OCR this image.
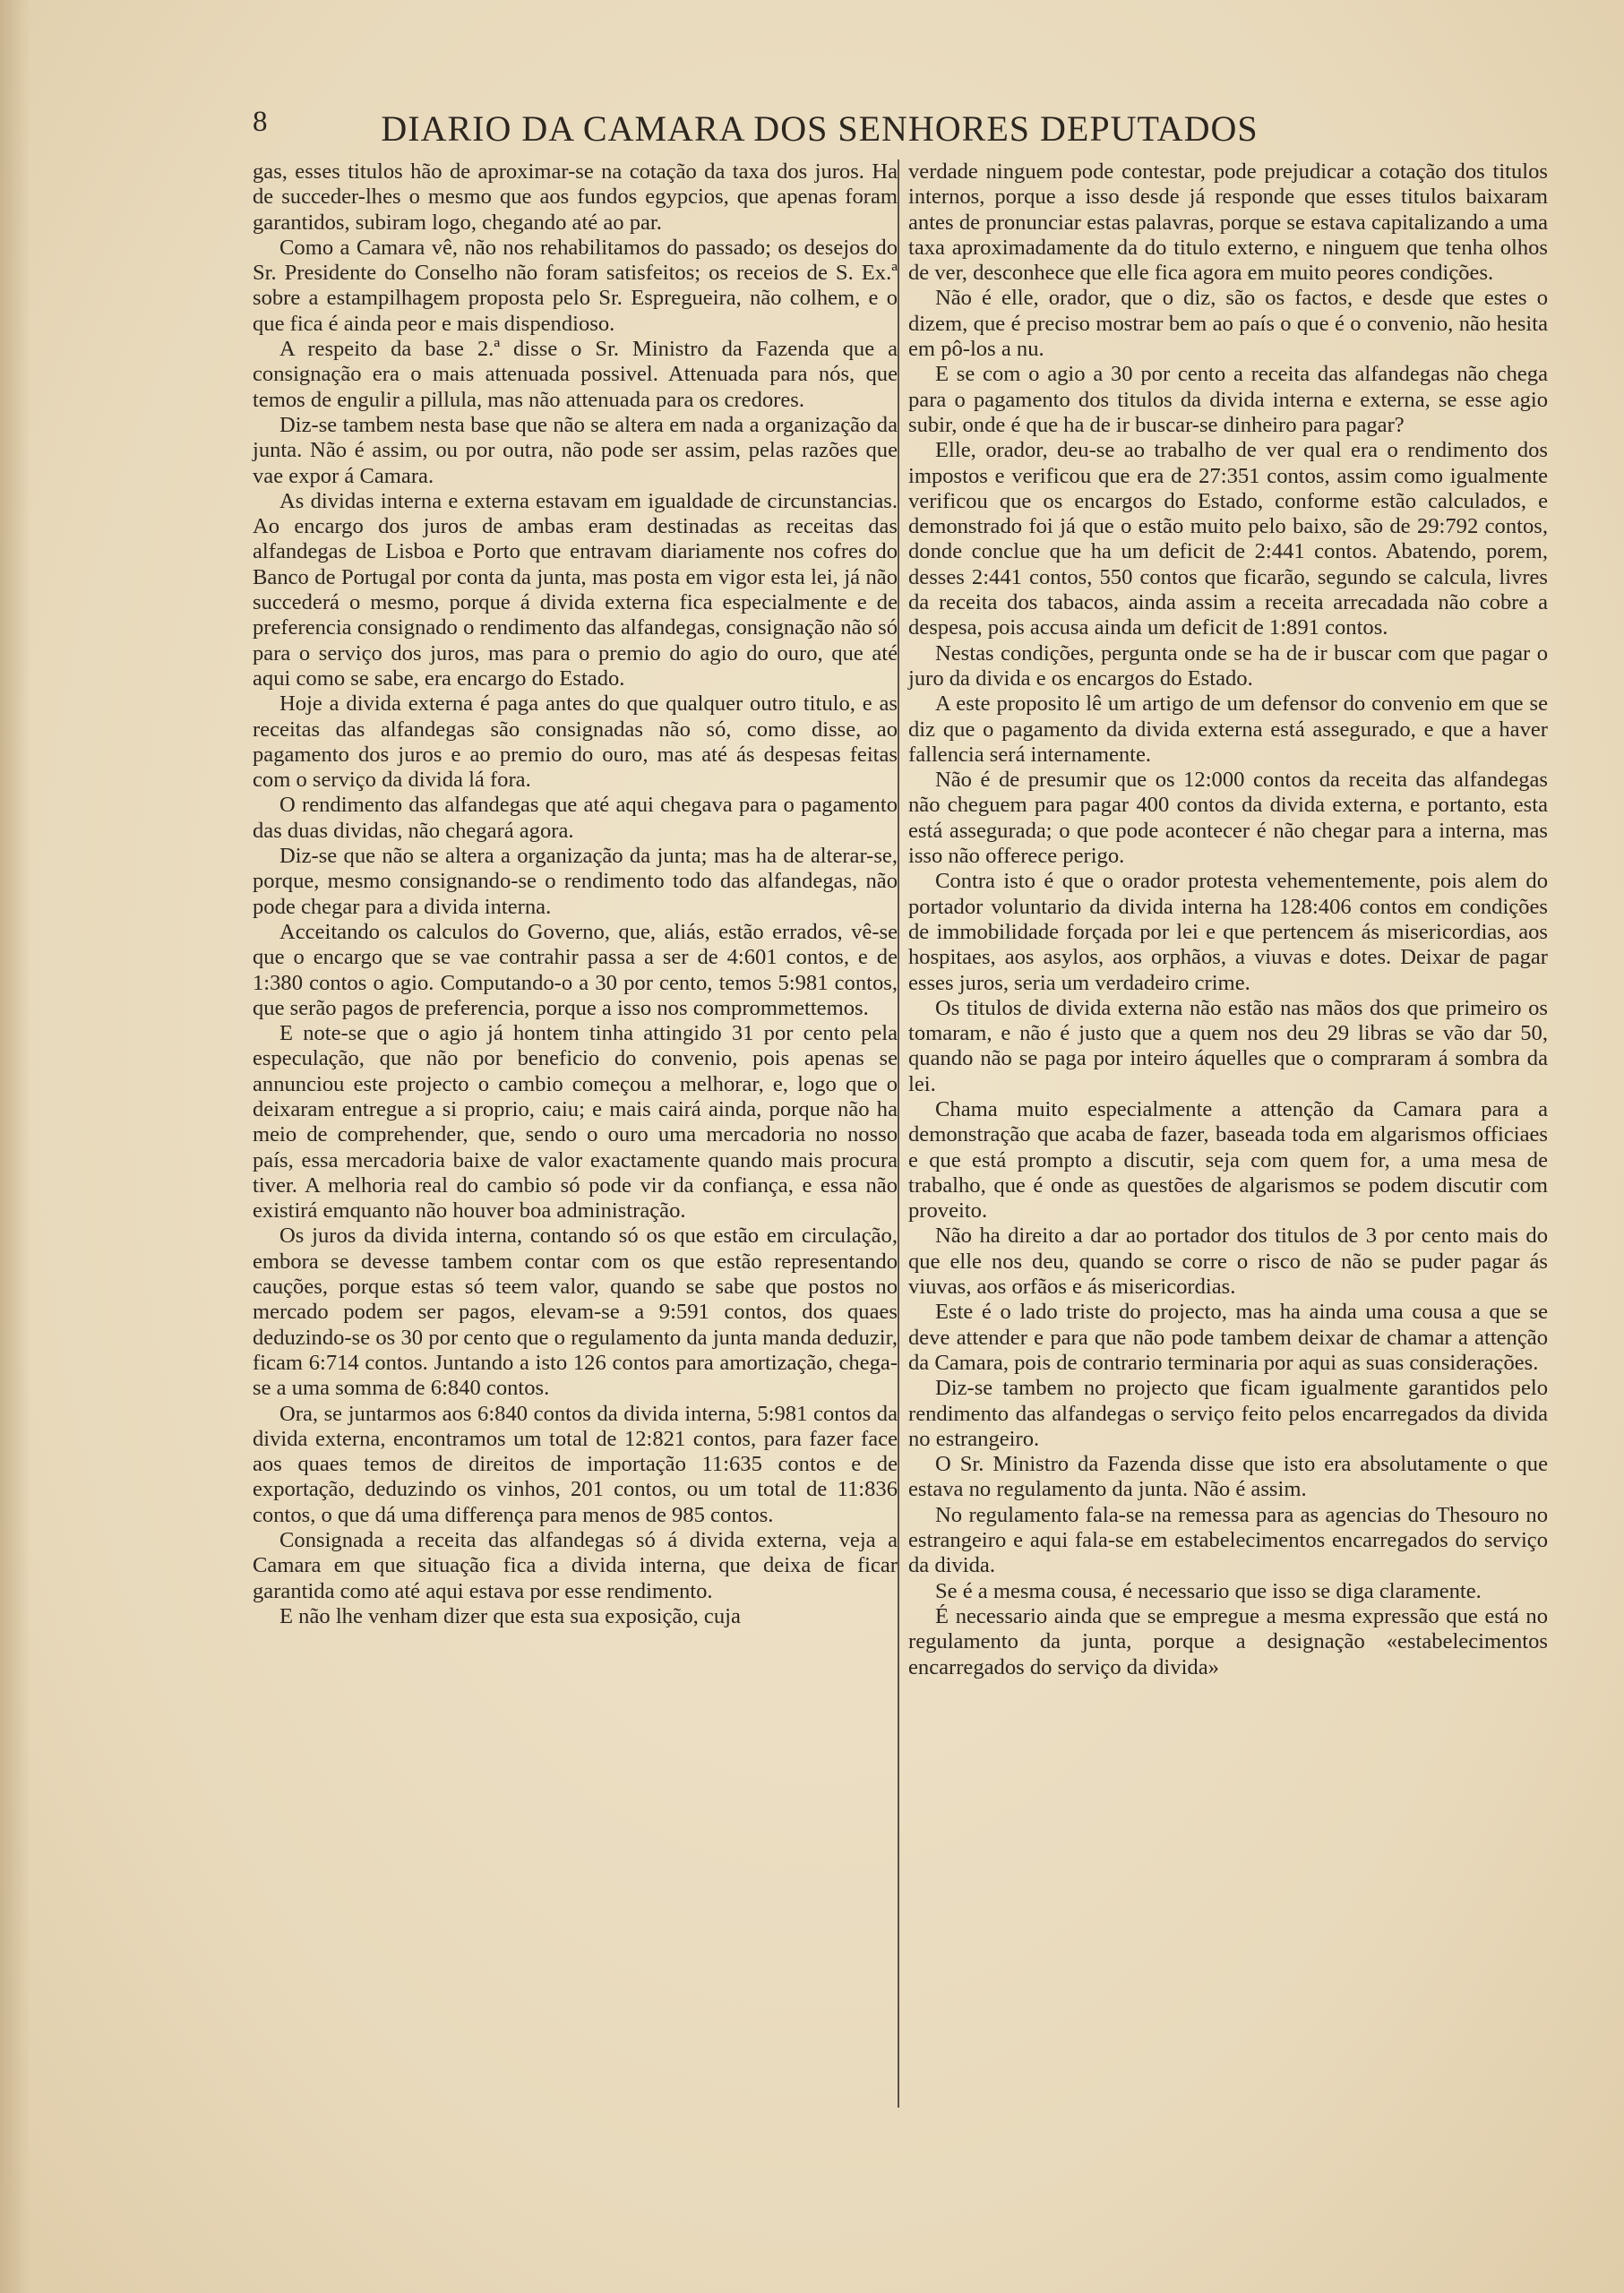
8	DIARIO DA CAMARA DOS SENHORES DEPUTADOS

gas, esses titulos hão de aproximar-se na cotação da taxa dos juros. Ha de succeder-lhes o mesmo que aos fundos egypcios, que apenas foram garantidos, subiram logo, chegando até ao par.

Como a Camara vê, não nos rehabilitamos do passado; os desejos do Sr. Presidente do Conselho não foram satisfeitos; os receios de S. Ex.ª sobre a estampilhagem proposta pelo Sr. Espregueira, não colhem, e o que fica é ainda peor e mais dispendioso.

A respeito da base 2.ª disse o Sr. Ministro da Fazenda que a consignação era o mais attenuada possivel. Attenuada para nós, que temos de engulir a pillula, mas não attenuada para os credores.

Diz-se tambem nesta base que não se altera em nada a organização da junta. Não é assim, ou por outra, não pode ser assim, pelas razões que vae expor á Camara.

As dividas interna e externa estavam em igualdade de circunstancias. Ao encargo dos juros de ambas eram destinadas as receitas das alfandegas de Lisboa e Porto que entravam diariamente nos cofres do Banco de Portugal por conta da junta, mas posta em vigor esta lei, já não succederá o mesmo, porque á divida externa fica especialmente e de preferencia consignado o rendimento das alfandegas, consignação não só para o serviço dos juros, mas para o premio do agio do ouro, que até aqui como se sabe, era encargo do Estado.

Hoje a divida externa é paga antes do que qualquer outro titulo, e as receitas das alfandegas são consignadas não só, como disse, ao pagamento dos juros e ao premio do ouro, mas até ás despesas feitas com o serviço da divida lá fora.

O rendimento das alfandegas que até aqui chegava para o pagamento das duas dividas, não chegará agora.

Diz-se que não se altera a organização da junta; mas ha de alterar-se, porque, mesmo consignando-se o rendimento todo das alfandegas, não pode chegar para a divida interna.

Acceitando os calculos do Governo, que, aliás, estão errados, vê-se que o encargo que se vae contrahir passa a ser de 4:601 contos, e de 1:380 contos o agio. Computando-o a 30 por cento, temos 5:981 contos, que serão pagos de preferencia, porque a isso nos comprommettemos.

E note-se que o agio já hontem tinha attingido 31 por cento pela especulação, que não por beneficio do convenio, pois apenas se annunciou este projecto o cambio começou a melhorar, e, logo que o deixaram entregue a si proprio, caiu; e mais cairá ainda, porque não ha meio de comprehender, que, sendo o ouro uma mercadoria no nosso país, essa mercadoria baixe de valor exactamente quando mais procura tiver. A melhoria real do cambio só pode vir da confiança, e essa não existirá emquanto não houver boa administração.

Os juros da divida interna, contando só os que estão em circulação, embora se devesse tambem contar com os que estão representando cauções, porque estas só teem valor, quando se sabe que postos no mercado podem ser pagos, elevam-se a 9:591 contos, dos quaes deduzindo-se os 30 por cento que o regulamento da junta manda deduzir, ficam 6:714 contos. Juntando a isto 126 contos para amortização, chega-se a uma somma de 6:840 contos.

Ora, se juntarmos aos 6:840 contos da divida interna, 5:981 contos da divida externa, encontramos um total de 12:821 contos, para fazer face aos quaes temos de direitos de importação 11:635 contos e de exportação, deduzindo os vinhos, 201 contos, ou um total de 11:836 contos, o que dá uma differença para menos de 985 contos.

Consignada a receita das alfandegas só á divida externa, veja a Camara em que situação fica a divida interna, que deixa de ficar garantida como até aqui estava por esse rendimento.

E não lhe venham dizer que esta sua exposição, cuja

verdade ninguem pode contestar, pode prejudicar a cotação dos titulos internos, porque a isso desde já responde que esses titulos baixaram antes de pronunciar estas palavras, porque se estava capitalizando a uma taxa aproximadamente da do titulo externo, e ninguem que tenha olhos de ver, desconhece que elle fica agora em muito peores condições.

Não é elle, orador, que o diz, são os factos, e desde que estes o dizem, que é preciso mostrar bem ao país o que é o convenio, não hesita em pô-los a nu.

E se com o agio a 30 por cento a receita das alfandegas não chega para o pagamento dos titulos da divida interna e externa, se esse agio subir, onde é que ha de ir buscar-se dinheiro para pagar?

Elle, orador, deu-se ao trabalho de ver qual era o rendimento dos impostos e verificou que era de 27:351 contos, assim como igualmente verificou que os encargos do Estado, conforme estão calculados, e demonstrado foi já que o estão muito pelo baixo, são de 29:792 contos, donde conclue que ha um deficit de 2:441 contos. Abatendo, porem, desses 2:441 contos, 550 contos que ficarão, segundo se calcula, livres da receita dos tabacos, ainda assim a receita arrecadada não cobre a despesa, pois accusa ainda um deficit de 1:891 contos.

Nestas condições, pergunta onde se ha de ir buscar com que pagar o juro da divida e os encargos do Estado.

A este proposito lê um artigo de um defensor do convenio em que se diz que o pagamento da divida externa está assegurado, e que a haver fallencia será internamente.

Não é de presumir que os 12:000 contos da receita das alfandegas não cheguem para pagar 400 contos da divida externa, e portanto, esta está assegurada; o que pode acontecer é não chegar para a interna, mas isso não offerece perigo.

Contra isto é que o orador protesta vehementemente, pois alem do portador voluntario da divida interna ha 128:406 contos em condições de immobilidade forçada por lei e que pertencem ás misericordias, aos hospitaes, aos asylos, aos orphãos, a viuvas e dotes. Deixar de pagar esses juros, seria um verdadeiro crime.

Os titulos de divida externa não estão nas mãos dos que primeiro os tomaram, e não é justo que a quem nos deu 29 libras se vão dar 50, quando não se paga por inteiro áquelles que o compraram á sombra da lei.

Chama muito especialmente a attenção da Camara para a demonstração que acaba de fazer, baseada toda em algarismos officiaes e que está prompto a discutir, seja com quem for, a uma mesa de trabalho, que é onde as questões de algarismos se podem discutir com proveito.

Não ha direito a dar ao portador dos titulos de 3 por cento mais do que elle nos deu, quando se corre o risco de não se puder pagar ás viuvas, aos orfãos e ás misericordias.

Este é o lado triste do projecto, mas ha ainda uma cousa a que se deve attender e para que não pode tambem deixar de chamar a attenção da Camara, pois de contrario terminaria por aqui as suas considerações.

Diz-se tambem no projecto que ficam igualmente garantidos pelo rendimento das alfandegas o serviço feito pelos encarregados da divida no estrangeiro.

O Sr. Ministro da Fazenda disse que isto era absolutamente o que estava no regulamento da junta. Não é assim.

No regulamento fala-se na remessa para as agencias do Thesouro no estrangeiro e aqui fala-se em estabelecimentos encarregados do serviço da divida.

Se é a mesma cousa, é necessario que isso se diga claramente.

É necessario ainda que se empregue a mesma expressão que está no regulamento da junta, porque a designação «estabelecimentos encarregados do serviço da divida»
